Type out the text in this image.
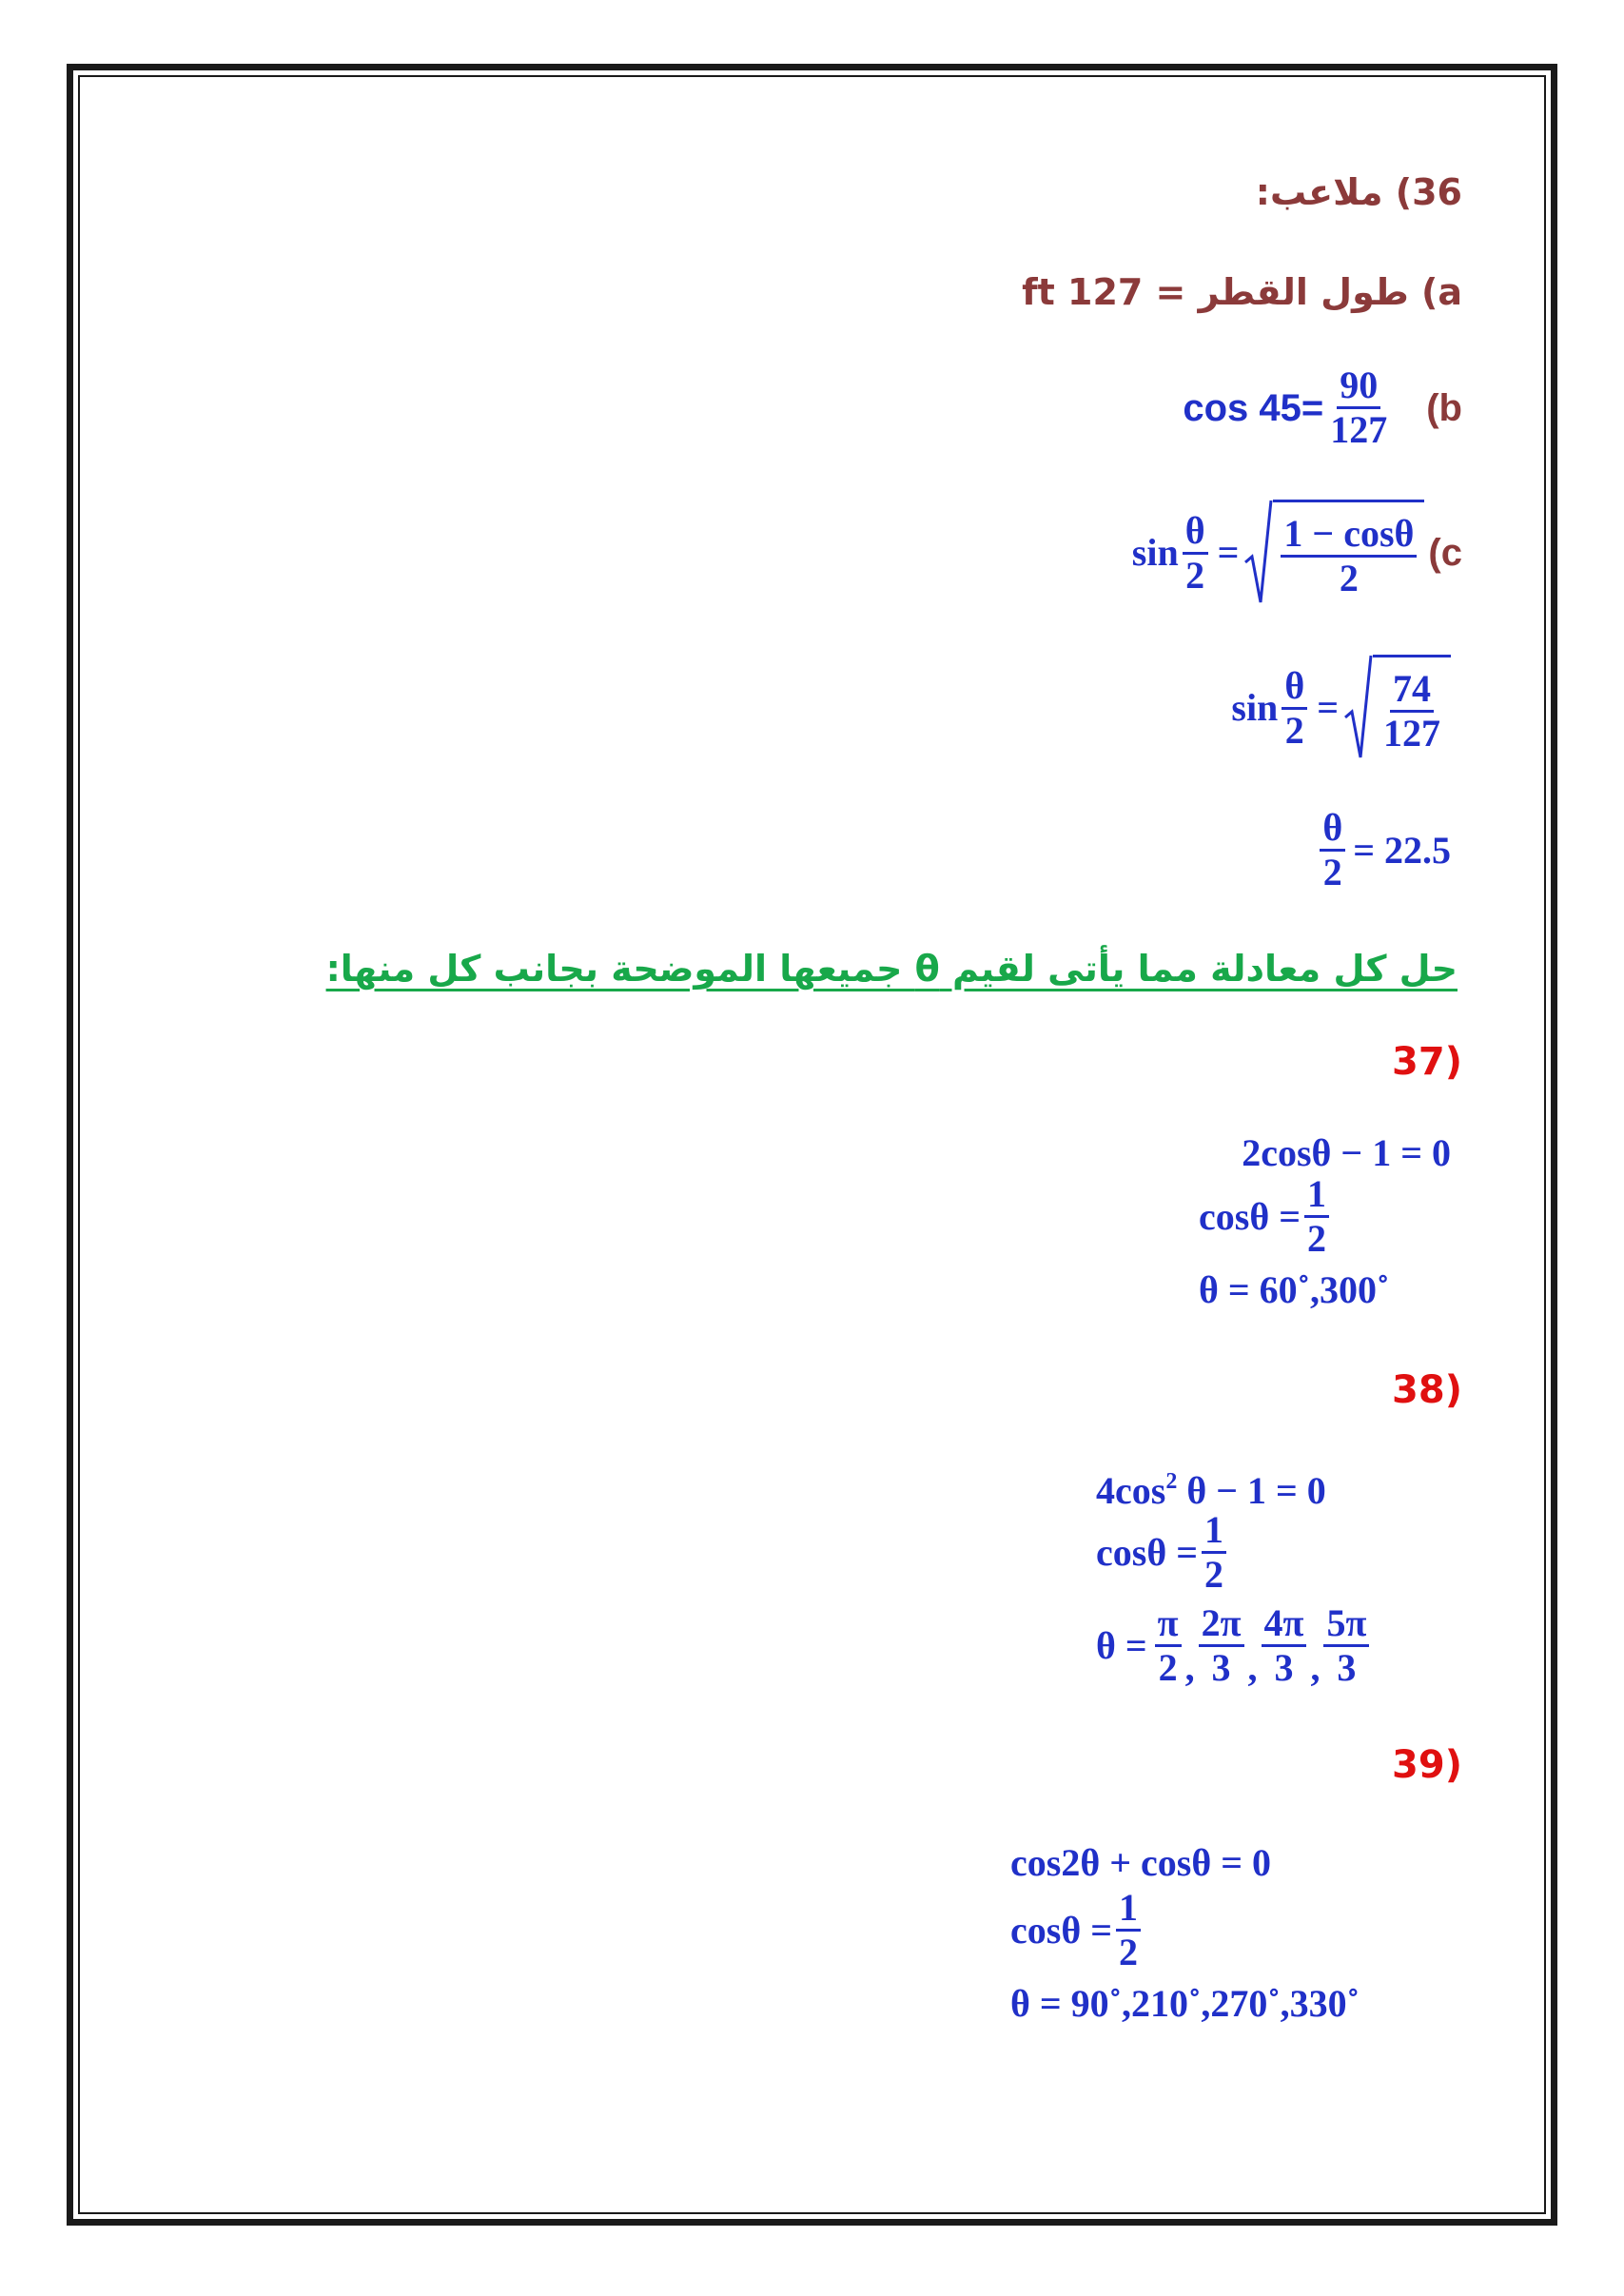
36) ملاعب:
a) طول القطر = 127 ft
$\cos 45= \frac{90}{127} (b$
$\sin \frac{\theta}{2} = \frac{1 - \cos\theta}{2} (c$
$\sin \frac{\theta}{2} = \frac{74}{127}$
$\frac{\theta}{2} = 22.5$
حل كل معادلة مما يأتى لقيم θ جميعها الموضحة بجانب كل منها:
(37
2cosθ − 1 = 0
$\cos\theta = \frac{1}{2}$
θ = 60˚,300˚
(38
$4\cos^2$ θ − 1 = 0
$\cos\theta = \frac{1}{2}$
$\theta = \frac{\pi}{2}$ , $\frac{2\pi}{3}$ , $\frac{4\pi}{3}$ , $\frac{5\pi}{3}$
(39
cos2θ + cosθ = 0
$\cos\theta = \frac{1}{2}$
θ = 90˚,210˚,270˚,330˚
